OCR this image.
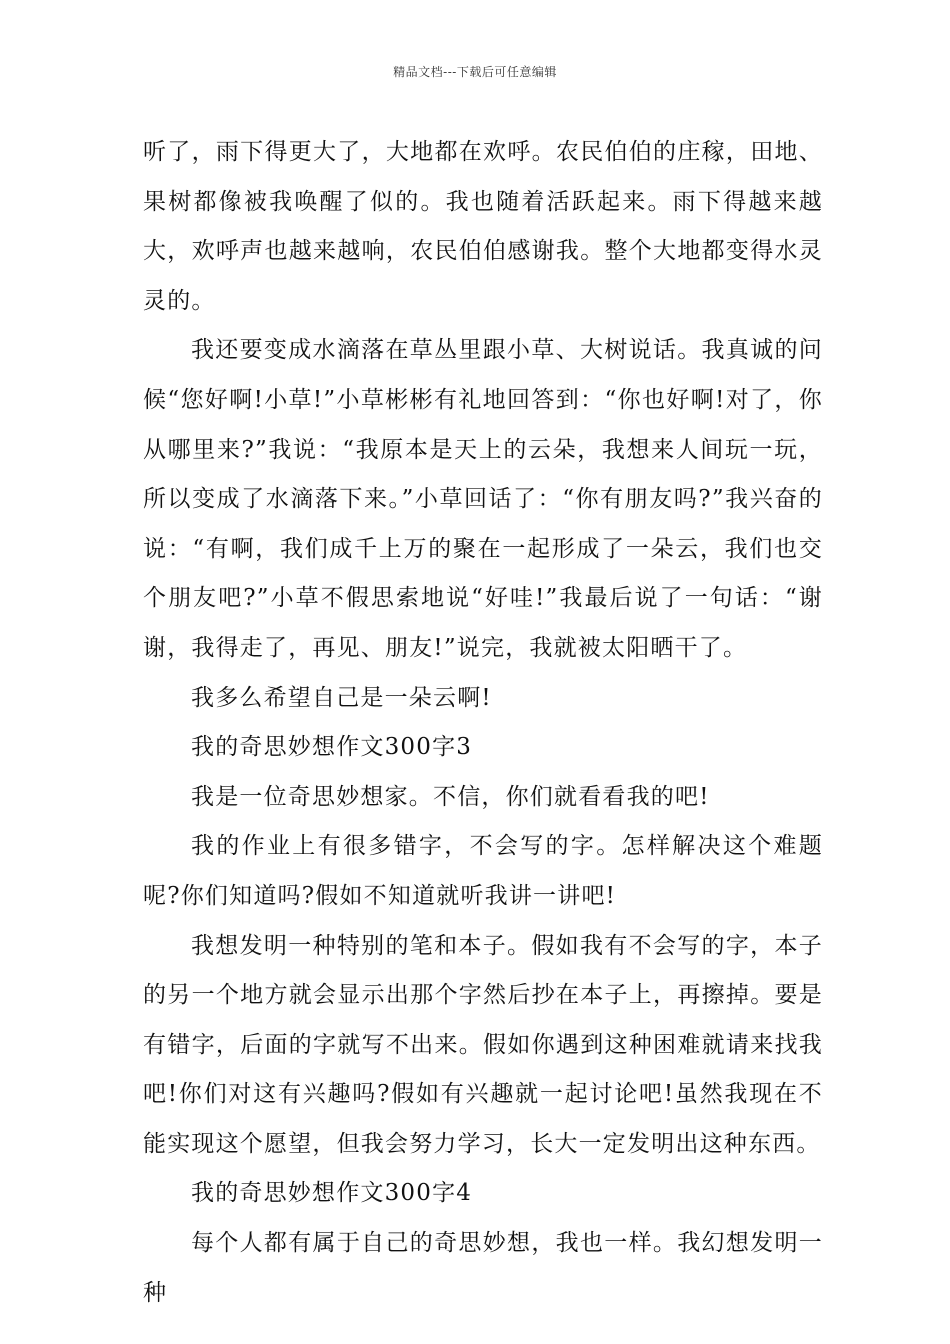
精品文档---下载后可任意编辑

听了，雨下得更大了，大地都在欢呼。农民伯伯的庄稼，田地、果树都像被我唤醒了似的。我也随着活跃起来。雨下得越来越大，欢呼声也越来越响，农民伯伯感谢我。整个大地都变得水灵灵的。

我还要变成水滴落在草丛里跟小草、大树说话。我真诚的问候“您好啊!小草!”小草彬彬有礼地回答到：“你也好啊!对了，你从哪里来?”我说：“我原本是天上的云朵，我想来人间玩一玩，所以变成了水滴落下来。”小草回话了：“你有朋友吗?”我兴奋的说：“有啊，我们成千上万的聚在一起形成了一朵云，我们也交个朋友吧?”小草不假思索地说“好哇!”我最后说了一句话：“谢谢，我得走了，再见、朋友!”说完，我就被太阳晒干了。

我多么希望自己是一朵云啊!

我的奇思妙想作文300字3

我是一位奇思妙想家。不信，你们就看看我的吧!

我的作业上有很多错字，不会写的字。怎样解决这个难题呢?你们知道吗?假如不知道就听我讲一讲吧!

我想发明一种特别的笔和本子。假如我有不会写的字，本子的另一个地方就会显示出那个字然后抄在本子上，再擦掉。要是有错字，后面的字就写不出来。假如你遇到这种困难就请来找我吧!你们对这有兴趣吗?假如有兴趣就一起讨论吧!虽然我现在不能实现这个愿望，但我会努力学习，长大一定发明出这种东西。

我的奇思妙想作文300字4

每个人都有属于自己的奇思妙想，我也一样。我幻想发明一种
